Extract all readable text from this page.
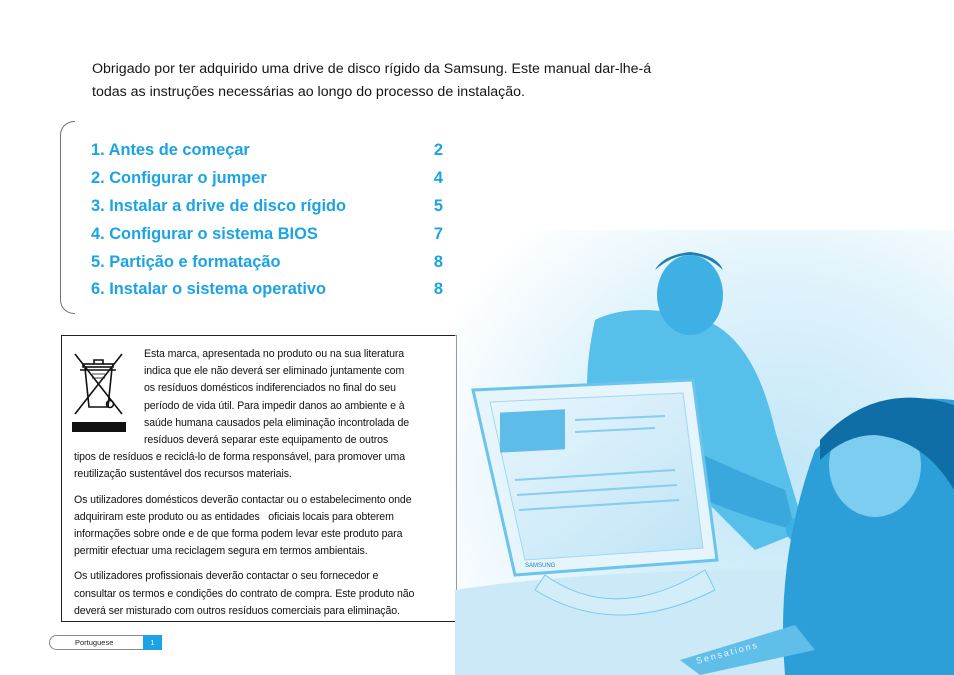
Obrigado por ter adquirido uma drive de disco rígido da Samsung. Este manual dar-lhe-á
todas as instruções necessárias ao longo do processo de instalação.
1. Antes de começar	2
2. Configurar o jumper	4
3. Instalar a drive de disco rígido	5
4. Configurar o sistema BIOS	7
5. Partição e formatação	8
6. Instalar o sistema operativo	8

Esta marca, apresentada no produto ou na sua literatura
indica que ele não deverá ser eliminado juntamente com
os resíduos domésticos indiferenciados no final do seu
período de vida útil. Para impedir danos ao ambiente e à
saúde humana causados pela eliminação incontrolada de
resíduos deverá separar este equipamento de outros
tipos de resíduos e reciclá-lo de forma responsável, para promover uma
reutilização sustentável dos recursos materiais.

Os utilizadores domésticos deverão contactar ou o estabelecimento onde
adquiriram este produto ou as entidades   oficiais locais para obterem
informações sobre onde e de que forma podem levar este produto para
permitir efectuar uma reciclagem segura em termos ambientais.

Os utilizadores profissionais deverão contactar o seu fornecedor e
consultar os termos e condições do contrato de compra. Este produto não
deverá ser misturado com outros resíduos comerciais para eliminação.

SAMSUNG
Sensations
Portuguese	1
